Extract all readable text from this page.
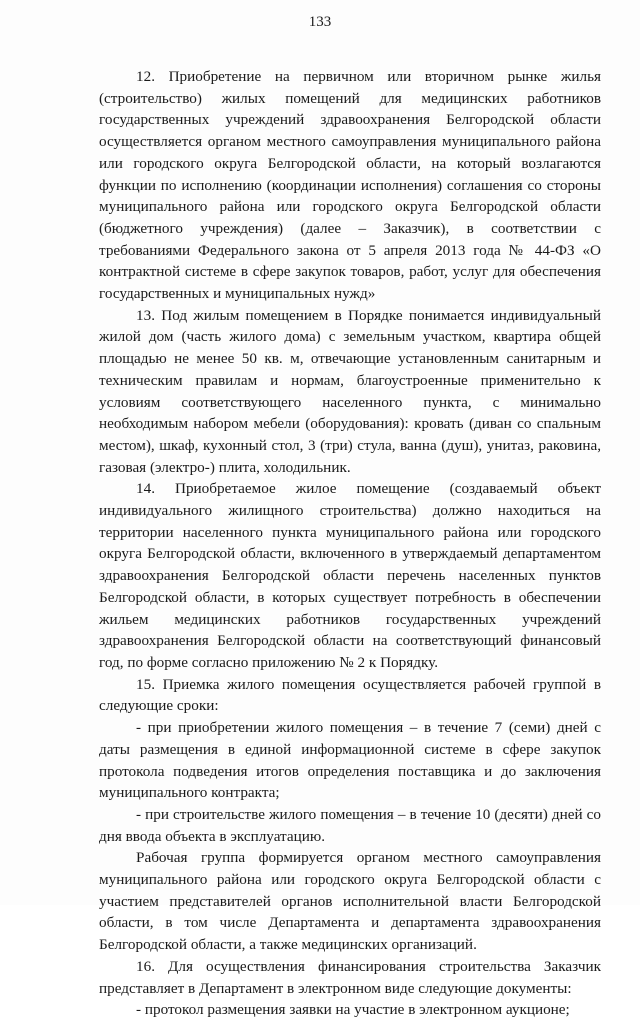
133

12. Приобретение на первичном или вторичном рынке жилья (строительство) жилых помещений для медицинских работников государственных учреждений здравоохранения Белгородской области осуществляется органом местного самоуправления муниципального района или городского округа Белгородской области, на который возлагаются функции по исполнению (координации исполнения) соглашения со стороны муниципального района или городского округа Белгородской области (бюджетного учреждения) (далее – Заказчик), в соответствии с требованиями Федерального закона от 5 апреля 2013 года № 44-ФЗ «О контрактной системе в сфере закупок товаров, работ, услуг для обеспечения государственных и муниципальных нужд»

13. Под жилым помещением в Порядке понимается индивидуальный жилой дом (часть жилого дома) с земельным участком, квартира общей площадью не менее 50 кв. м, отвечающие установленным санитарным и техническим правилам и нормам, благоустроенные применительно к условиям соответствующего населенного пункта, с минимально необходимым набором мебели (оборудования): кровать (диван со спальным местом), шкаф, кухонный стол, 3 (три) стула, ванна (душ), унитаз, раковина, газовая (электро-) плита, холодильник.

14. Приобретаемое жилое помещение (создаваемый объект индивидуального жилищного строительства) должно находиться на территории населенного пункта муниципального района или городского округа Белгородской области, включенного в утверждаемый департаментом здравоохранения Белгородской области перечень населенных пунктов Белгородской области, в которых существует потребность в обеспечении жильем медицинских работников государственных учреждений здравоохранения Белгородской области на соответствующий финансовый год, по форме согласно приложению № 2 к Порядку.

15. Приемка жилого помещения осуществляется рабочей группой в следующие сроки:

- при приобретении жилого помещения – в течение 7 (семи) дней с даты размещения в единой информационной системе в сфере закупок протокола подведения итогов определения поставщика и до заключения муниципального контракта;

- при строительстве жилого помещения – в течение 10 (десяти) дней со дня ввода объекта в эксплуатацию.

Рабочая группа формируется органом местного самоуправления муниципального района или городского округа Белгородской области с участием представителей органов исполнительной власти Белгородской области, в том числе Департамента и департамента здравоохранения Белгородской области, а также медицинских организаций.

16. Для осуществления финансирования строительства Заказчик представляет в Департамент в электронном виде следующие документы:

- протокол размещения заявки на участие в электронном аукционе;
